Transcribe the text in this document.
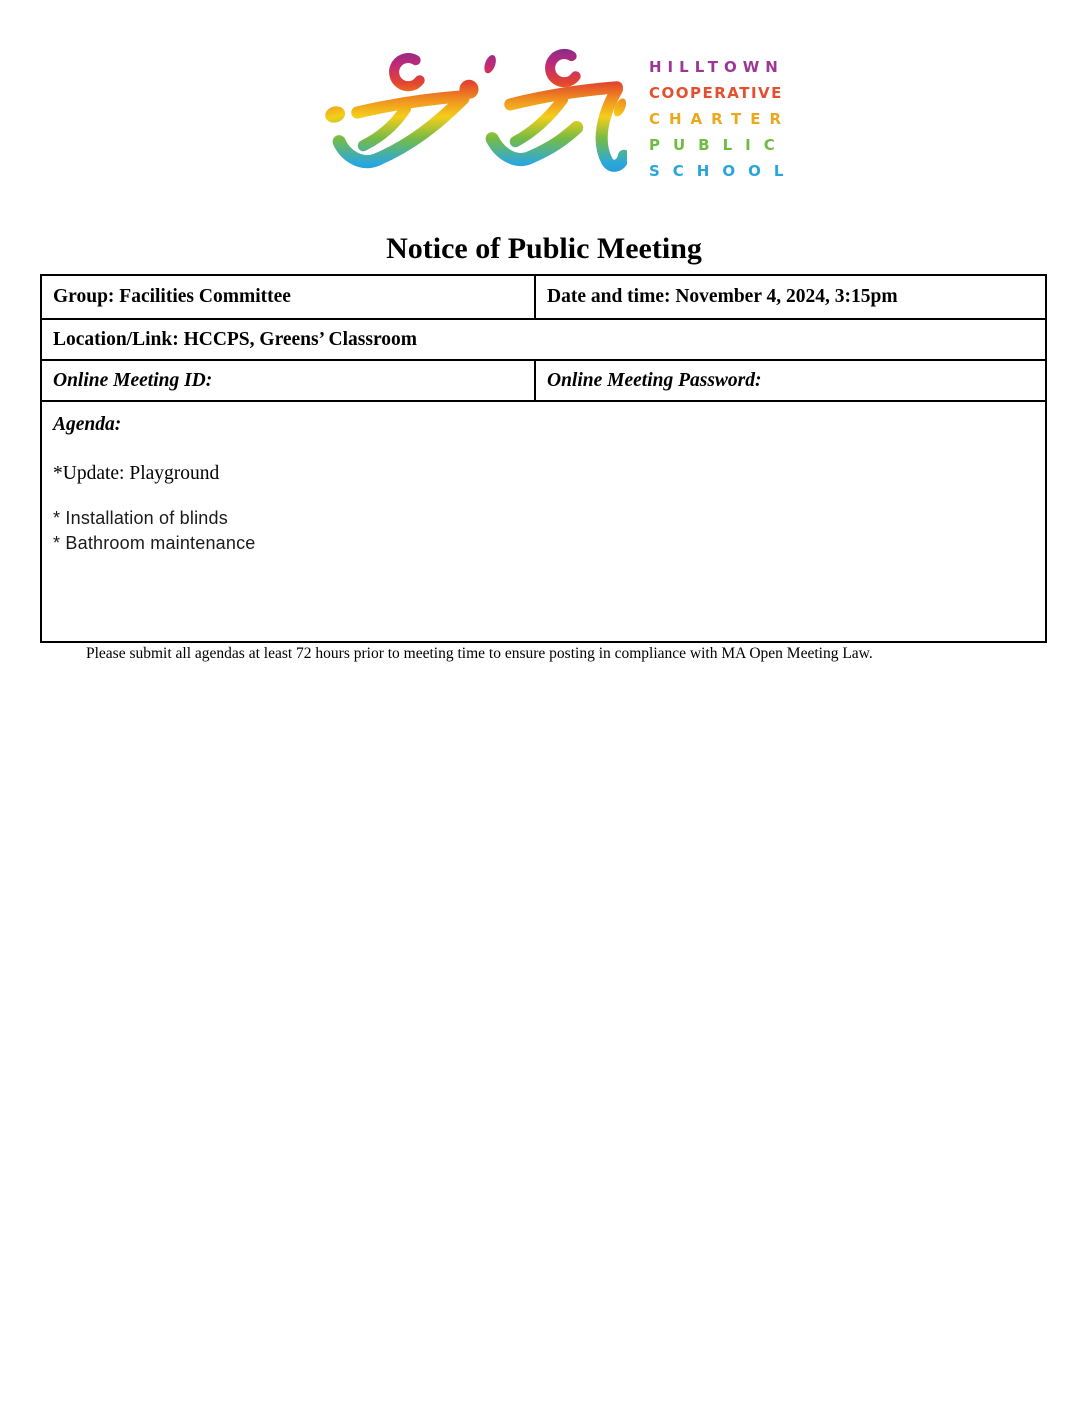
HILLTOWN
COOPERATIVE
CHARTER
PUBLIC
SCHOOL
Notice of Public Meeting
Group: Facilities Committee	Date and time: November 4, 2024, 3:15pm
Location/Link: HCCPS, Greens’ Classroom
Online Meeting ID:	Online Meeting Password:
Agenda:
*Update: Playground
* Installation of blinds
* Bathroom maintenance

Please submit all agendas at least 72 hours prior to meeting time to ensure posting in compliance with MA Open Meeting Law.
